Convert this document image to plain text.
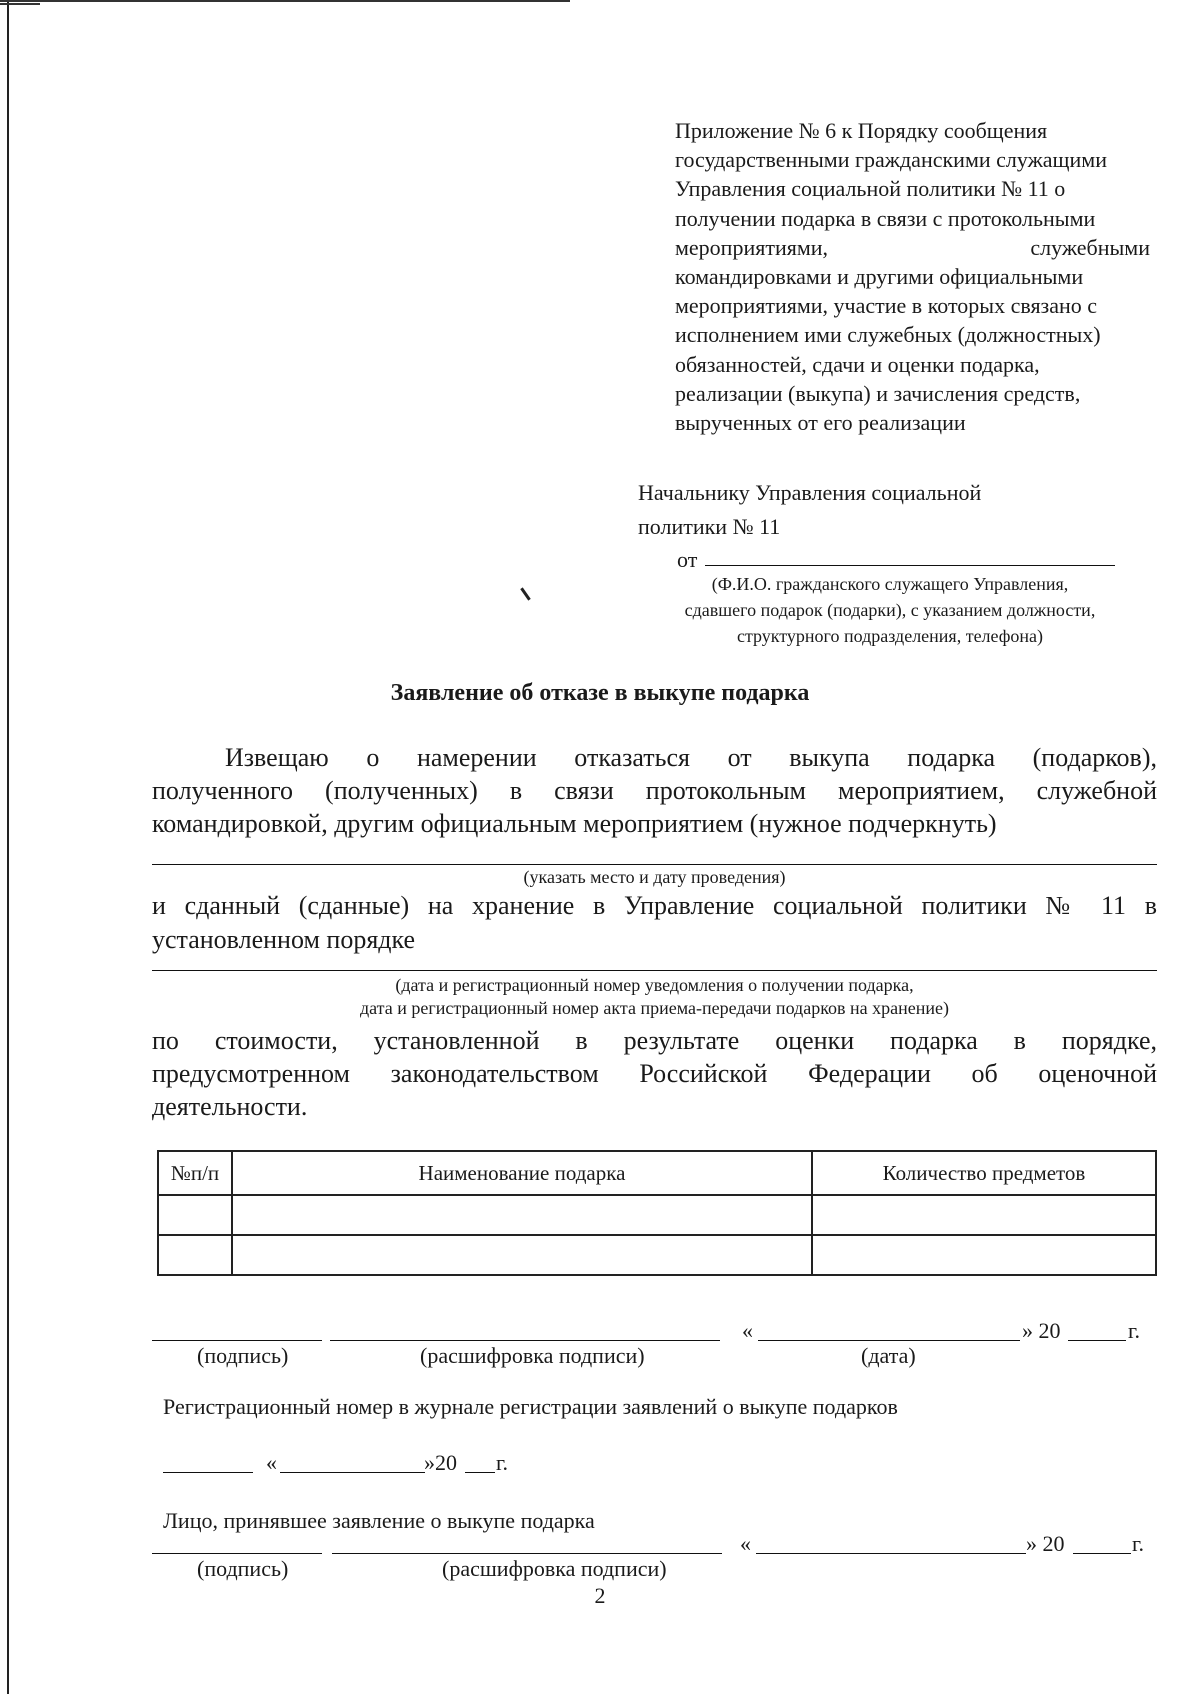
Приложение № 6 к Порядку сообщения
государственными гражданскими служащими
Управления социальной политики № 11 о
получении подарка в связи с протокольными
мероприятиями,	служебными
командировками и другими официальными
мероприятиями, участие в которых связано с
исполнением ими служебных (должностных)
обязанностей, сдачи и оценки подарка,
реализации (выкупа) и зачисления средств,
вырученных от его реализации
Начальнику Управления социальной
политики № 11
от
(Ф.И.О. гражданского служащего Управления,
сдавшего подарок (подарки), с указанием должности,
структурного подразделения, телефона)
Заявление об отказе в выкупе подарка
Извещаю о намерении отказаться от выкупа подарка (подарков),
полученного (полученных) в связи протокольным мероприятием, служебной
командировкой, другим официальным мероприятием (нужное подчеркнуть)
(указать место и дату проведения)
и сданный (сданные) на хранение в Управление социальной политики № 11 в
установленном порядке
(дата и регистрационный номер уведомления о получении подарка,
дата и регистрационный номер акта приема-передачи подарков на хранение)
по стоимости, установленной в результате оценки подарка в порядке,
предусмотренном законодательством Российской Федерации об оценочной
деятельности.
№п/п	Наименование подарка	Количество предметов

«	» 20	г.
(подпись)	(расшифровка подписи)	(дата)
Регистрационный номер в журнале регистрации заявлений о выкупе подарков
«	»20 г.
Лицо, принявшее заявление о выкупе подарка
«	» 20	г.
(подпись)	(расшифровка подписи)
2
